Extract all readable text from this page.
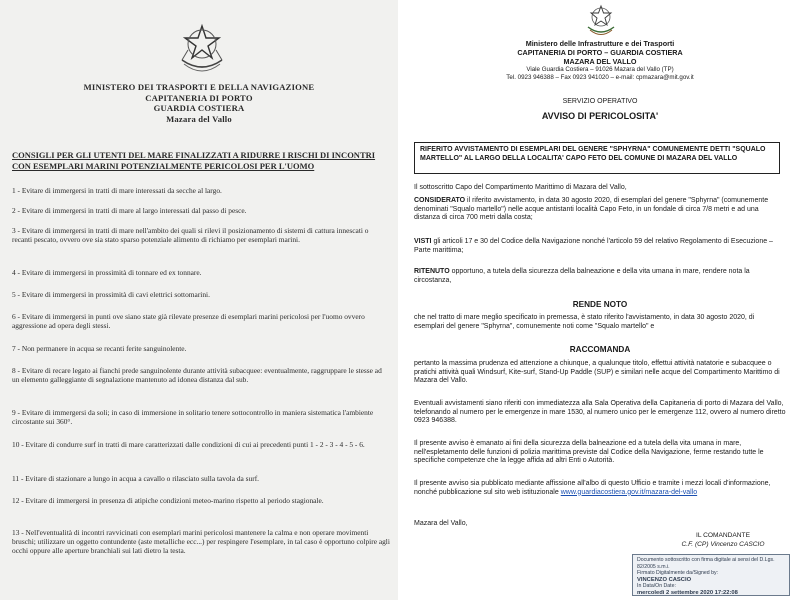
MINISTERO DEI TRASPORTI E DELLA NAVIGAZIONE
CAPITANERIA DI PORTO
GUARDIA COSTIERA
Mazara del Vallo
CONSIGLI PER GLI UTENTI DEL MARE FINALIZZATI A RIDURRE I RISCHI DI INCONTRI CON ESEMPLARI MARINI POTENZIALMENTE PERICOLOSI PER L'UOMO
1 - Evitare di immergersi in tratti di mare interessati da secche al largo.
2 - Evitare di immergersi in tratti di mare al largo interessati dal passo di pesce.
3 - Evitare di immergersi in tratti di mare nell'ambito dei quali si rilevi il posizionamento di sistemi di cattura innescati o recanti pescato, ovvero ove sia stato sparso potenziale alimento di richiamo per esemplari marini.
4 - Evitare di immergersi in prossimità di tonnare ed ex tonnare.
5 - Evitare di immergersi in prossimità di cavi elettrici sottomarini.
6 - Evitare di immergersi in punti ove siano state già rilevate presenze di esemplari marini pericolosi per l'uomo ovvero aggressione ad opera degli stessi.
7 - Non permanere in acqua se recanti ferite sanguinolente.
8 - Evitare di recare legato ai fianchi prede sanguinolente durante attività subacquee: eventualmente, raggruppare le stesse ad un elemento galleggiante di segnalazione mantenuto ad idonea distanza dal sub.
9 - Evitare di immergersi da soli; in caso di immersione in solitario tenere sottocontrollo in maniera sistematica l'ambiente circostante sui 360°.
10 - Evitare di condurre surf in tratti di mare caratterizzati dalle condizioni di cui ai precedenti punti 1 - 2 - 3 - 4 - 5 - 6.
11 - Evitare di stazionare a lungo in acqua a cavallo o rilasciato sulla tavola da surf.
12 - Evitare di immergersi in presenza di atipiche condizioni meteo-marino rispetto al periodo stagionale.
13 - Nell'eventualità di incontri ravvicinati con esemplari marini pericolosi mantenere la calma e non operare movimenti bruschi; utilizzare un oggetto contundente (aste metalliche ecc...) per respingere l'esemplare, in tal caso è opportuno colpire agli occhi oppure alle aperture branchiali sui lati dietro la testa.
Ministero delle Infrastrutture e dei Trasporti
CAPITANERIA DI PORTO – GUARDIA COSTIERA
MAZARA DEL VALLO
Viale Guardia Costiera – 91026 Mazara del Vallo (TP)
Tel. 0923 946388 – Fax 0923 941020 – e-mail: cpmazara@mit.gov.it
SERVIZIO OPERATIVO
AVVISO DI PERICOLOSITA'
RIFERITO AVVISTAMENTO DI ESEMPLARI DEL GENERE "SPHYRNA" COMUNEMENTE DETTI "SQUALO MARTELLO" AL LARGO DELLA LOCALITA' CAPO FETO DEL COMUNE DI MAZARA DEL VALLO
Il sottoscritto Capo del Compartimento Marittimo di Mazara del Vallo,
CONSIDERATO il riferito avvistamento, in data 30 agosto 2020, di esemplari del genere "Sphyrna" (comunemente denominati "Squalo martello") nelle acque antistanti località Capo Feto, in un fondale di circa 7/8 metri e ad una distanza di circa 700 metri dalla costa;
VISTI gli articoli 17 e 30 del Codice della Navigazione nonché l'articolo 59 del relativo Regolamento di Esecuzione – Parte marittima;
RITENUTO opportuno, a tutela della sicurezza della balneazione e della vita umana in mare, rendere nota la circostanza,
RENDE NOTO
che nel tratto di mare meglio specificato in premessa, è stato riferito l'avvistamento, in data 30 agosto 2020, di esemplari del genere "Sphyrna", comunemente noti come "Squalo martello" e
RACCOMANDA
pertanto la massima prudenza ed attenzione a chiunque, a qualunque titolo, effettui attività natatorie e subacquee o pratichi attività quali Windsurf, Kite-surf, Stand-Up Paddle (SUP) e similari nelle acque del Compartimento Marittimo di Mazara del Vallo.
Eventuali avvistamenti siano riferiti con immediatezza alla Sala Operativa della Capitaneria di porto di Mazara del Vallo, telefonando al numero per le emergenze in mare 1530, al numero unico per le emergenze 112, ovvero al numero diretto 0923 946388.
Il presente avviso è emanato ai fini della sicurezza della balneazione ed a tutela della vita umana in mare, nell'espletamento delle funzioni di polizia marittima previste dal Codice della Navigazione, ferme restando tutte le specifiche competenze che la legge affida ad altri Enti o Autorità.
Il presente avviso sia pubblicato mediante affissione all'albo di questo Ufficio e tramite i mezzi locali d'informazione, nonché pubblicazione sul sito web istituzionale www.guardiacostiera.gov.it/mazara-del-vallo
Mazara del Vallo,
IL COMANDANTE
C.F. (CP) Vincenzo CASCIO
Documento sottoscritto con firma digitale ai sensi del D.Lgs. 82/2005 s.m.i.
Firmato Digitalmente da/Signed by:
VINCENZO CASCIO
In Data/On Date:
mercoledì 2 settembre 2020 17:22:08
